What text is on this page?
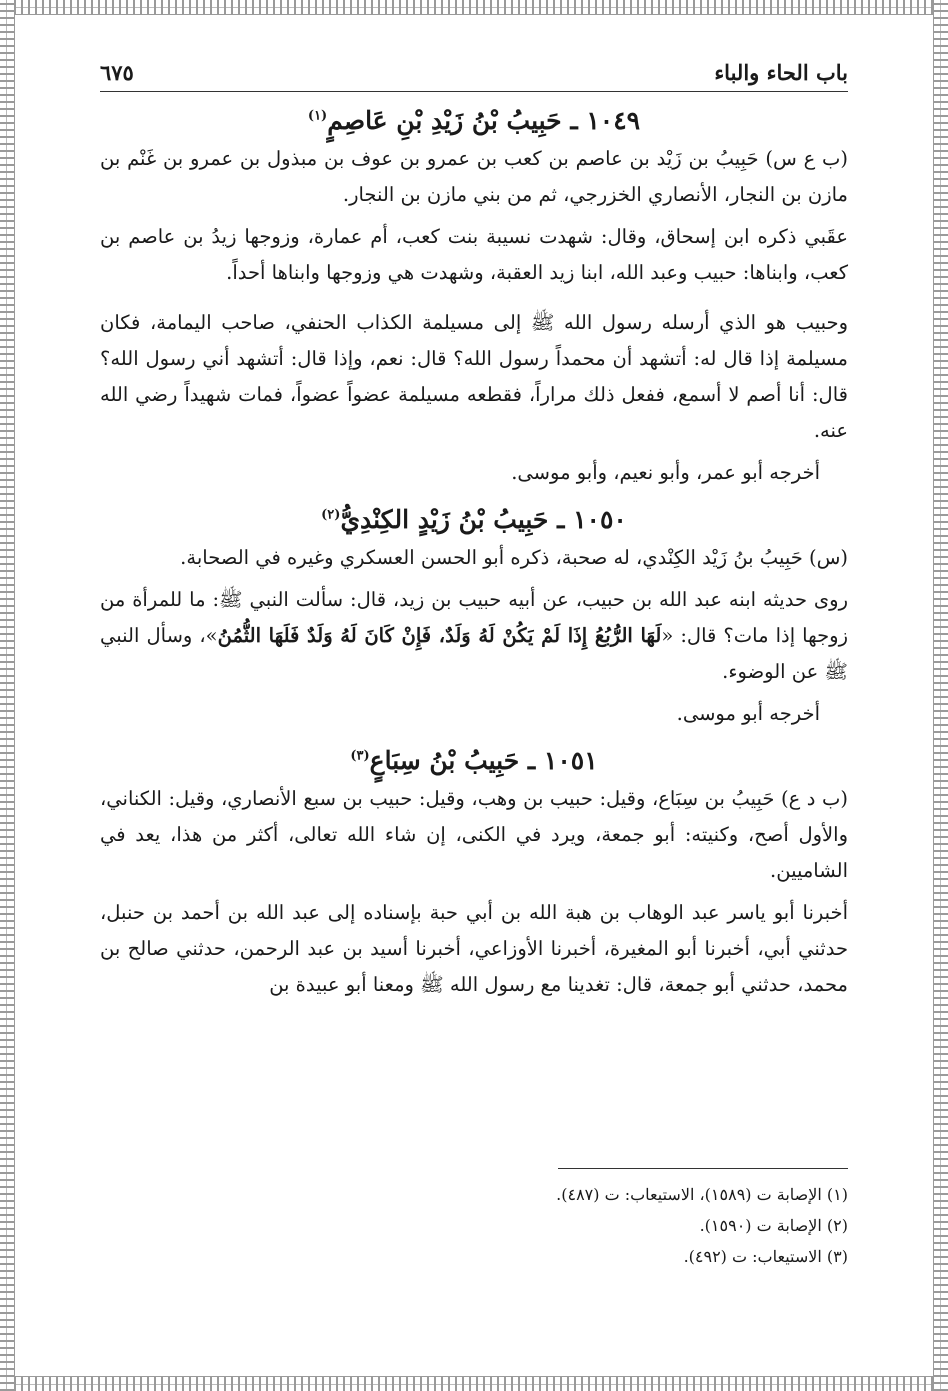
باب الحاء والباء
٦٧٥
١٠٤٩ ـ حَبِيبُ بْنُ زَيْدِ بْنِ عَاصِمٍ$^{(١)}$

(ب ع س) حَبِيبُ بن زَيْد بن عاصم بن كعب بن عمرو بن عوف بن مبذول بن عمرو بن غَنْم بن مازن بن النجار، الأنصاري الخزرجي، ثم من بني مازن بن النجار.

عقَبي ذكره ابن إسحاق، وقال: شهدت نسيبة بنت كعب، أم عمارة، وزوجها زيدُ بن عاصم بن كعب، وابناها: حبيب وعبد الله، ابنا زيد العقبة، وشهدت هي وزوجها وابناها أحداً.

وحبيب هو الذي أرسله رسول الله ﷺ إلى مسيلمة الكذاب الحنفي، صاحب اليمامة، فكان مسيلمة إذا قال له: أتشهد أن محمداً رسول الله؟ قال: نعم، وإذا قال: أتشهد أني رسول الله؟ قال: أنا أصم لا أسمع، ففعل ذلك مراراً، فقطعه مسيلمة عضواً عضواً، فمات شهيداً رضي الله عنه.

أخرجه أبو عمر، وأبو نعيم، وأبو موسى.

١٠٥٠ ـ حَبِيبُ بْنُ زَيْدٍ الكِنْدِيُّ$^{(٢)}$

(س) حَبِيبُ بنُ زَيْد الكِنْدي، له صحبة، ذكره أبو الحسن العسكري وغيره في الصحابة.

روى حديثه ابنه عبد الله بن حبيب، عن أبيه حبيب بن زيد، قال: سألت النبي ﷺ: ما للمرأة من زوجها إذا مات؟ قال: «لَهَا الرُّبُعُ إِذَا لَمْ يَكُنْ لَهُ وَلَدٌ، فَإِنْ كَانَ لَهُ وَلَدٌ فَلَهَا الثُّمُنُ»، وسأل النبي ﷺ عن الوضوء.

أخرجه أبو موسى.

١٠٥١ ـ حَبِيبُ بْنُ سِبَاعٍ$^{(٣)}$

(ب د ع) حَبِيبُ بن سِبَاع، وقيل: حبيب بن وهب، وقيل: حبيب بن سبع الأنصاري، وقيل: الكناني، والأول أصح، وكنيته: أبو جمعة، ويرد في الكنى، إن شاء الله تعالى، أكثر من هذا، يعد في الشاميين.

أخبرنا أبو ياسر عبد الوهاب بن هبة الله بن أبي حبة بإسناده إلى عبد الله بن أحمد بن حنبل، حدثني أبي، أخبرنا أبو المغيرة، أخبرنا الأوزاعي، أخبرنا أسيد بن عبد الرحمن، حدثني صالح بن محمد، حدثني أبو جمعة، قال: تغدينا مع رسول الله ﷺ ومعنا أبو عبيدة بن

(١) الإصابة ت (١٥٨٩)، الاستيعاب: ت (٤٨٧).
(٢) الإصابة ت (١٥٩٠).
(٣) الاستيعاب: ت (٤٩٢).
